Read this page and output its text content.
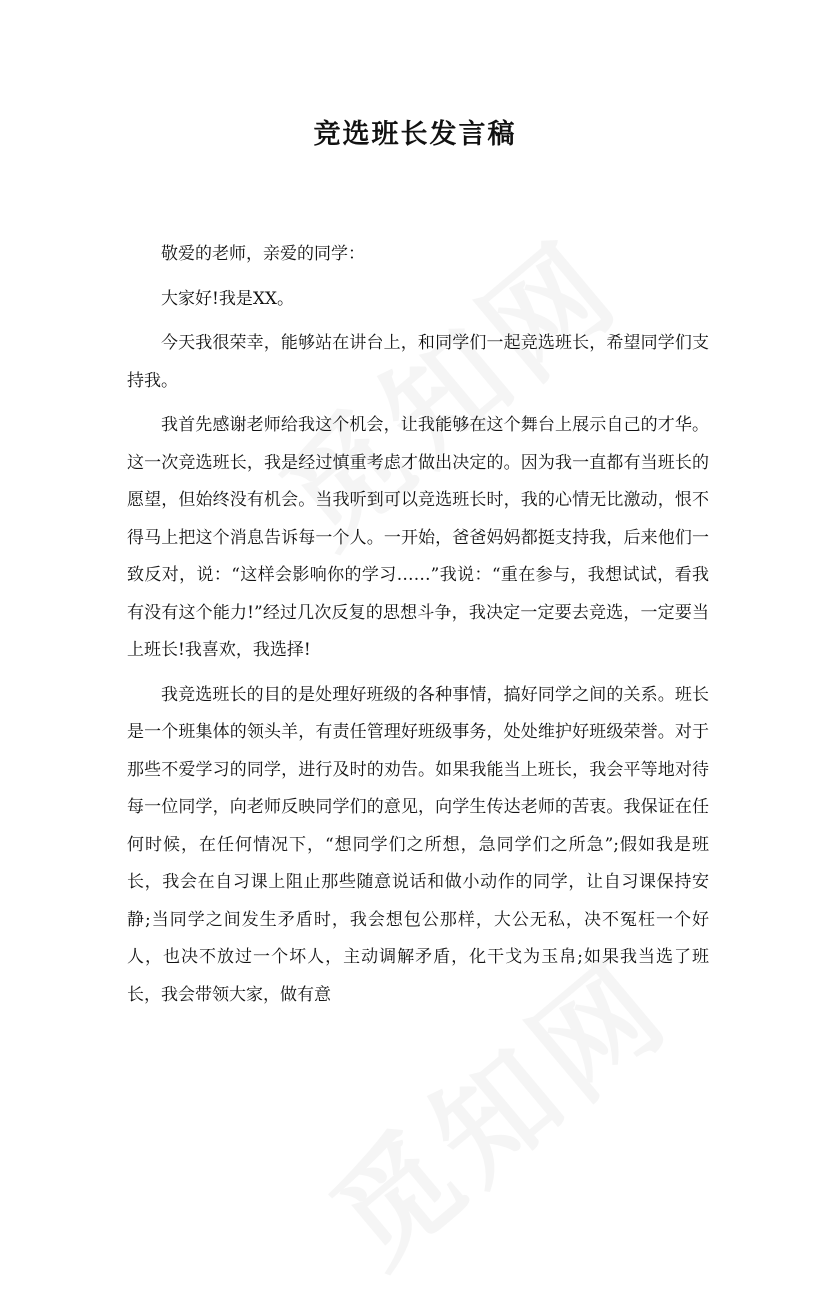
竞选班长发言稿

敬爱的老师，亲爱的同学：

大家好!我是XX。

今天我很荣幸，能够站在讲台上，和同学们一起竞选班长，希望同学们支持我。

我首先感谢老师给我这个机会，让我能够在这个舞台上展示自己的才华。这一次竞选班长，我是经过慎重考虑才做出决定的。因为我一直都有当班长的愿望，但始终没有机会。当我听到可以竞选班长时，我的心情无比激动，恨不得马上把这个消息告诉每一个人。一开始，爸爸妈妈都挺支持我，后来他们一致反对，说：“这样会影响你的学习……”我说：“重在参与，我想试试，看我有没有这个能力!”经过几次反复的思想斗争，我决定一定要去竞选，一定要当上班长!我喜欢，我选择!

我竞选班长的目的是处理好班级的各种事情，搞好同学之间的关系。班长是一个班集体的领头羊，有责任管理好班级事务，处处维护好班级荣誉。对于那些不爱学习的同学，进行及时的劝告。如果我能当上班长，我会平等地对待每一位同学，向老师反映同学们的意见，向学生传达老师的苦衷。我保证在任何时候，在任何情况下，“想同学们之所想，急同学们之所急”;假如我是班长，我会在自习课上阻止那些随意说话和做小动作的同学，让自习课保持安静;当同学之间发生矛盾时，我会想包公那样，大公无私，决不冤枉一个好人，也决不放过一个坏人，主动调解矛盾，化干戈为玉帛;如果我当选了班长，我会带领大家，做有意
